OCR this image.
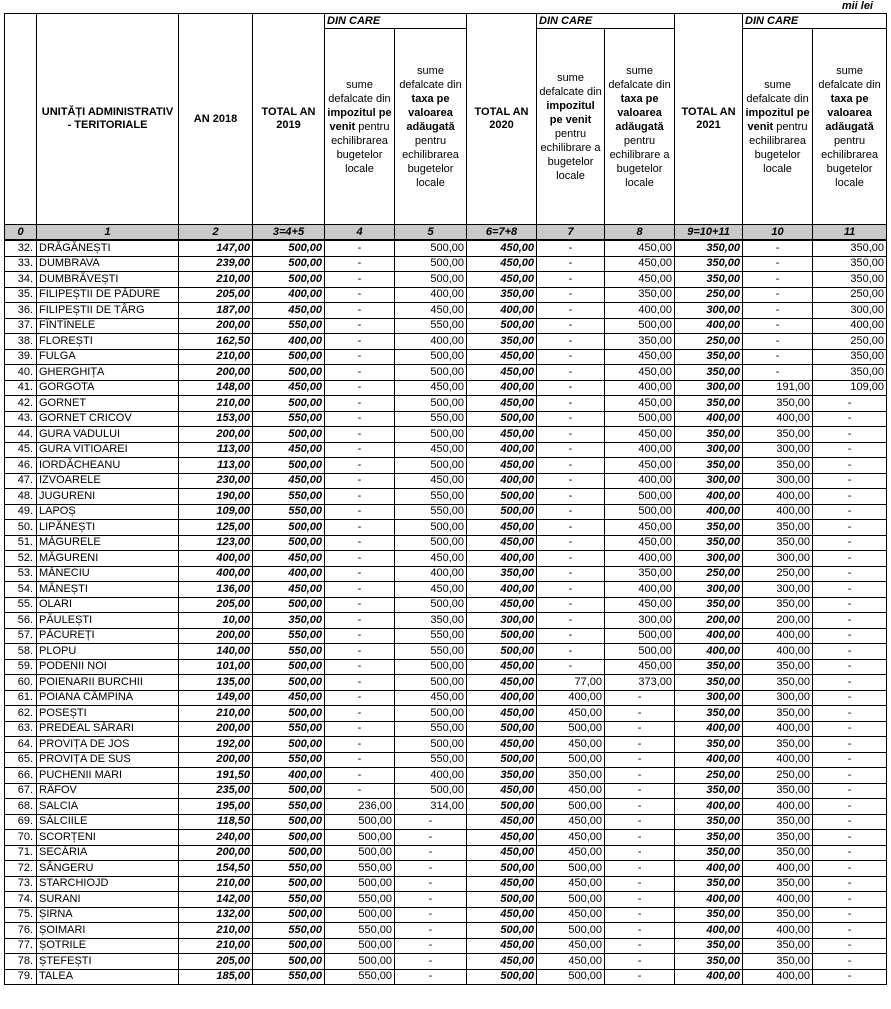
mii lei
	UNITĂȚI ADMINISTRATIV - TERITORIALE	AN 2018	TOTAL AN 2019	DIN CARE		TOTAL AN 2020	DIN CARE		TOTAL AN 2021	DIN CARE	
				sume defalcate din impozitul pe venit pentru echilibrarea bugetelor locale	sume defalcate din taxa pe valoarea adăugată pentru echilibrarea bugetelor locale		sume defalcate din impozitul pe venit pentru echilibrare a bugetelor locale	sume defalcate din taxa pe valoarea adăugată pentru echilibrare a bugetelor locale		sume defalcate din impozitul pe venit pentru echilibrarea bugetelor locale	sume defalcate din taxa pe valoarea adăugată pentru echilibrarea bugetelor locale
0	1	2	3=4+5	4	5	6=7+8	7	8	9=10+11	10	11
32.	DRĂGĂNEȘTI	147,00	500,00	-	500,00	450,00	-	450,00	350,00	-	350,00
33.	DUMBRAVA	239,00	500,00	-	500,00	450,00	-	450,00	350,00	-	350,00
34.	DUMBRĂVEȘTI	210,00	500,00	-	500,00	450,00	-	450,00	350,00	-	350,00
35.	FILIPEȘTII DE PĂDURE	205,00	400,00	-	400,00	350,00	-	350,00	250,00	-	250,00
36.	FILIPEȘTII DE TÂRG	187,00	450,00	-	450,00	400,00	-	400,00	300,00	-	300,00
37.	FÎNTÎNELE	200,00	550,00	-	550,00	500,00	-	500,00	400,00	-	400,00
38.	FLOREȘTI	162,50	400,00	-	400,00	350,00	-	350,00	250,00	-	250,00
39.	FULGA	210,00	500,00	-	500,00	450,00	-	450,00	350,00	-	350,00
40.	GHERGHIȚA	200,00	500,00	-	500,00	450,00	-	450,00	350,00	-	350,00
41.	GORGOTA	148,00	450,00	-	450,00	400,00	-	400,00	300,00	191,00	109,00
42.	GORNET	210,00	500,00	-	500,00	450,00	-	450,00	350,00	350,00	-
43.	GORNET CRICOV	153,00	550,00	-	550,00	500,00	-	500,00	400,00	400,00	-
44.	GURA VADULUI	200,00	500,00	-	500,00	450,00	-	450,00	350,00	350,00	-
45.	GURA VITIOAREI	113,00	450,00	-	450,00	400,00	-	400,00	300,00	300,00	-
46.	IORDĂCHEANU	113,00	500,00	-	500,00	450,00	-	450,00	350,00	350,00	-
47.	IZVOARELE	230,00	450,00	-	450,00	400,00	-	400,00	300,00	300,00	-
48.	JUGURENI	190,00	550,00	-	550,00	500,00	-	500,00	400,00	400,00	-
49.	LAPOȘ	109,00	550,00	-	550,00	500,00	-	500,00	400,00	400,00	-
50.	LIPĂNEȘTI	125,00	500,00	-	500,00	450,00	-	450,00	350,00	350,00	-
51.	MĂGURELE	123,00	500,00	-	500,00	450,00	-	450,00	350,00	350,00	-
52.	MĂGURENI	400,00	450,00	-	450,00	400,00	-	400,00	300,00	300,00	-
53.	MĂNECIU	400,00	400,00	-	400,00	350,00	-	350,00	250,00	250,00	-
54.	MĂNEȘTI	136,00	450,00	-	450,00	400,00	-	400,00	300,00	300,00	-
55.	OLARI	205,00	500,00	-	500,00	450,00	-	450,00	350,00	350,00	-
56.	PĂULEȘTI	10,00	350,00	-	350,00	300,00	-	300,00	200,00	200,00	-
57.	PĂCUREȚI	200,00	550,00	-	550,00	500,00	-	500,00	400,00	400,00	-
58.	PLOPU	140,00	550,00	-	550,00	500,00	-	500,00	400,00	400,00	-
59.	PODENII NOI	101,00	500,00	-	500,00	450,00	-	450,00	350,00	350,00	-
60.	POIENARII BURCHII	135,00	500,00	-	500,00	450,00	77,00	373,00	350,00	350,00	-
61.	POIANA CÂMPINA	149,00	450,00	-	450,00	400,00	400,00	-	300,00	300,00	-
62.	POSEȘTI	210,00	500,00	-	500,00	450,00	450,00	-	350,00	350,00	-
63.	PREDEAL SĂRARI	200,00	550,00	-	550,00	500,00	500,00	-	400,00	400,00	-
64.	PROVIȚA DE JOS	192,00	500,00	-	500,00	450,00	450,00	-	350,00	350,00	-
65.	PROVIȚA DE SUS	200,00	550,00	-	550,00	500,00	500,00	-	400,00	400,00	-
66.	PUCHENII MARI	191,50	400,00	-	400,00	350,00	350,00	-	250,00	250,00	-
67.	RÂFOV	235,00	500,00	-	500,00	450,00	450,00	-	350,00	350,00	-
68.	SALCIA	195,00	550,00	236,00	314,00	500,00	500,00	-	400,00	400,00	-
69.	SĂLCIILE	118,50	500,00	500,00	-	450,00	450,00	-	350,00	350,00	-
70.	SCORȚENI	240,00	500,00	500,00	-	450,00	450,00	-	350,00	350,00	-
71.	SECĂRIA	200,00	500,00	500,00	-	450,00	450,00	-	350,00	350,00	-
72.	SÂNGERU	154,50	550,00	550,00	-	500,00	500,00	-	400,00	400,00	-
73.	STARCHIOJD	210,00	500,00	500,00	-	450,00	450,00	-	350,00	350,00	-
74.	SURANI	142,00	550,00	550,00	-	500,00	500,00	-	400,00	400,00	-
75.	ȘIRNA	132,00	500,00	500,00	-	450,00	450,00	-	350,00	350,00	-
76.	ȘOIMARI	210,00	550,00	550,00	-	500,00	500,00	-	400,00	400,00	-
77.	ȘOTRILE	210,00	500,00	500,00	-	450,00	450,00	-	350,00	350,00	-
78.	ȘTEFEȘTI	205,00	500,00	500,00	-	450,00	450,00	-	350,00	350,00	-
79.	TALEA	185,00	550,00	550,00	-	500,00	500,00	-	400,00	400,00	-
